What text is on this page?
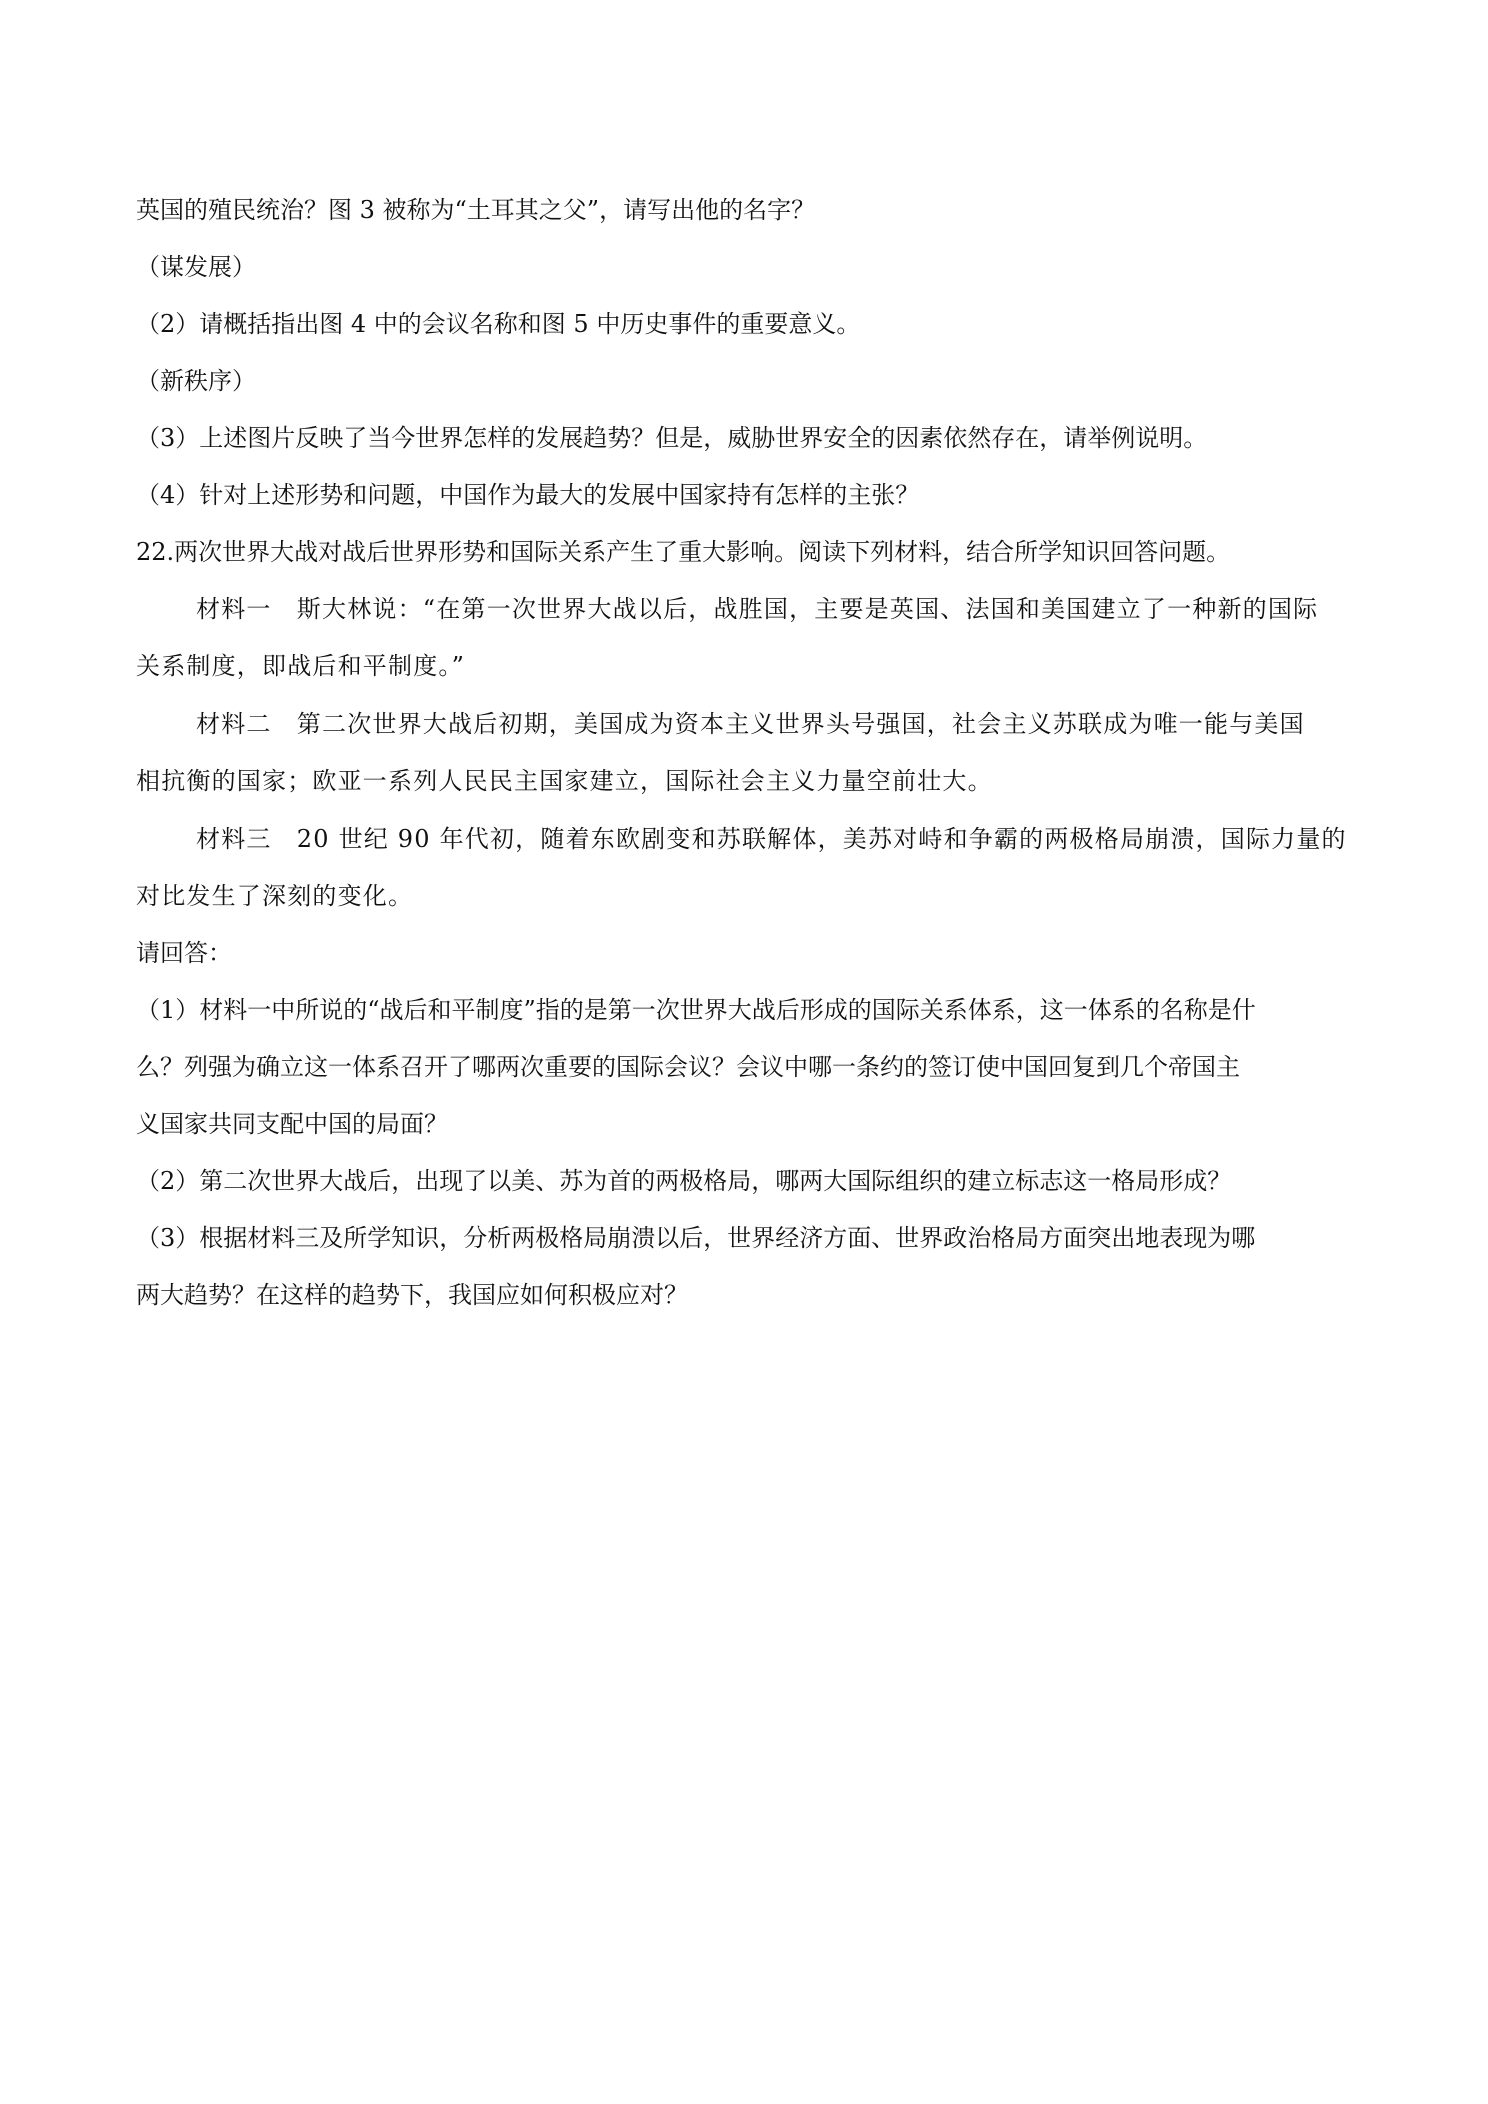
英国的殖民统治？图 3 被称为“土耳其之父”，请写出他的名字？
（谋发展）
（2）请概括指出图 4 中的会议名称和图 5 中历史事件的重要意义。
（新秩序）
（3）上述图片反映了当今世界怎样的发展趋势？但是，威胁世界安全的因素依然存在，请举例说明。
（4）针对上述形势和问题，中国作为最大的发展中国家持有怎样的主张？
22.两次世界大战对战后世界形势和国际关系产生了重大影响。阅读下列材料，结合所学知识回答问题。
材料一　斯大林说：“在第一次世界大战以后，战胜国，主要是英国、法国和美国建立了一种新的国际
关系制度，即战后和平制度。”
材料二　第二次世界大战后初期，美国成为资本主义世界头号强国，社会主义苏联成为唯一能与美国
相抗衡的国家；欧亚一系列人民民主国家建立，国际社会主义力量空前壮大。
材料三　20 世纪 90 年代初，随着东欧剧变和苏联解体，美苏对峙和争霸的两极格局崩溃，国际力量的
对比发生了深刻的变化。
请回答：
（1）材料一中所说的“战后和平制度”指的是第一次世界大战后形成的国际关系体系，这一体系的名称是什
么？列强为确立这一体系召开了哪两次重要的国际会议？会议中哪一条约的签订使中国回复到几个帝国主
义国家共同支配中国的局面？
（2）第二次世界大战后，出现了以美、苏为首的两极格局，哪两大国际组织的建立标志这一格局形成？
（3）根据材料三及所学知识，分析两极格局崩溃以后，世界经济方面、世界政治格局方面突出地表现为哪
两大趋势？在这样的趋势下，我国应如何积极应对？
